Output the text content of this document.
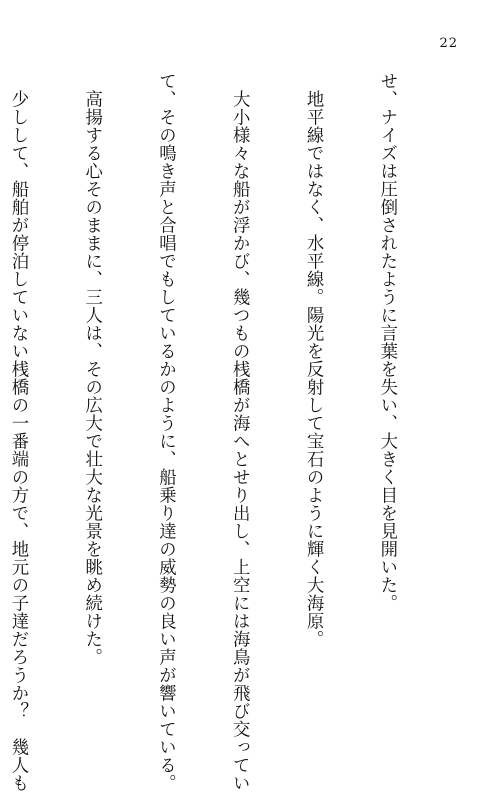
22

せ、ナイズは圧倒されたように言葉を失い、大きく目を見開いた。

　地平線ではなく、水平線。陽光を反射して宝石のように輝く大海原。

　大小様々な船が浮かび、幾つもの桟橋が海へとせり出し、上空には海鳥が飛び交ってい

て、その鳴き声と合唱でもしているかのように、船乗り達の威勢の良い声が響いている。

　高揚する心そのままに、三人は、その広大で壮大な光景を眺め続けた。

　少しして、船舶が停泊していない桟橋の一番端の方で、地元の子達だろうか？　幾人も
